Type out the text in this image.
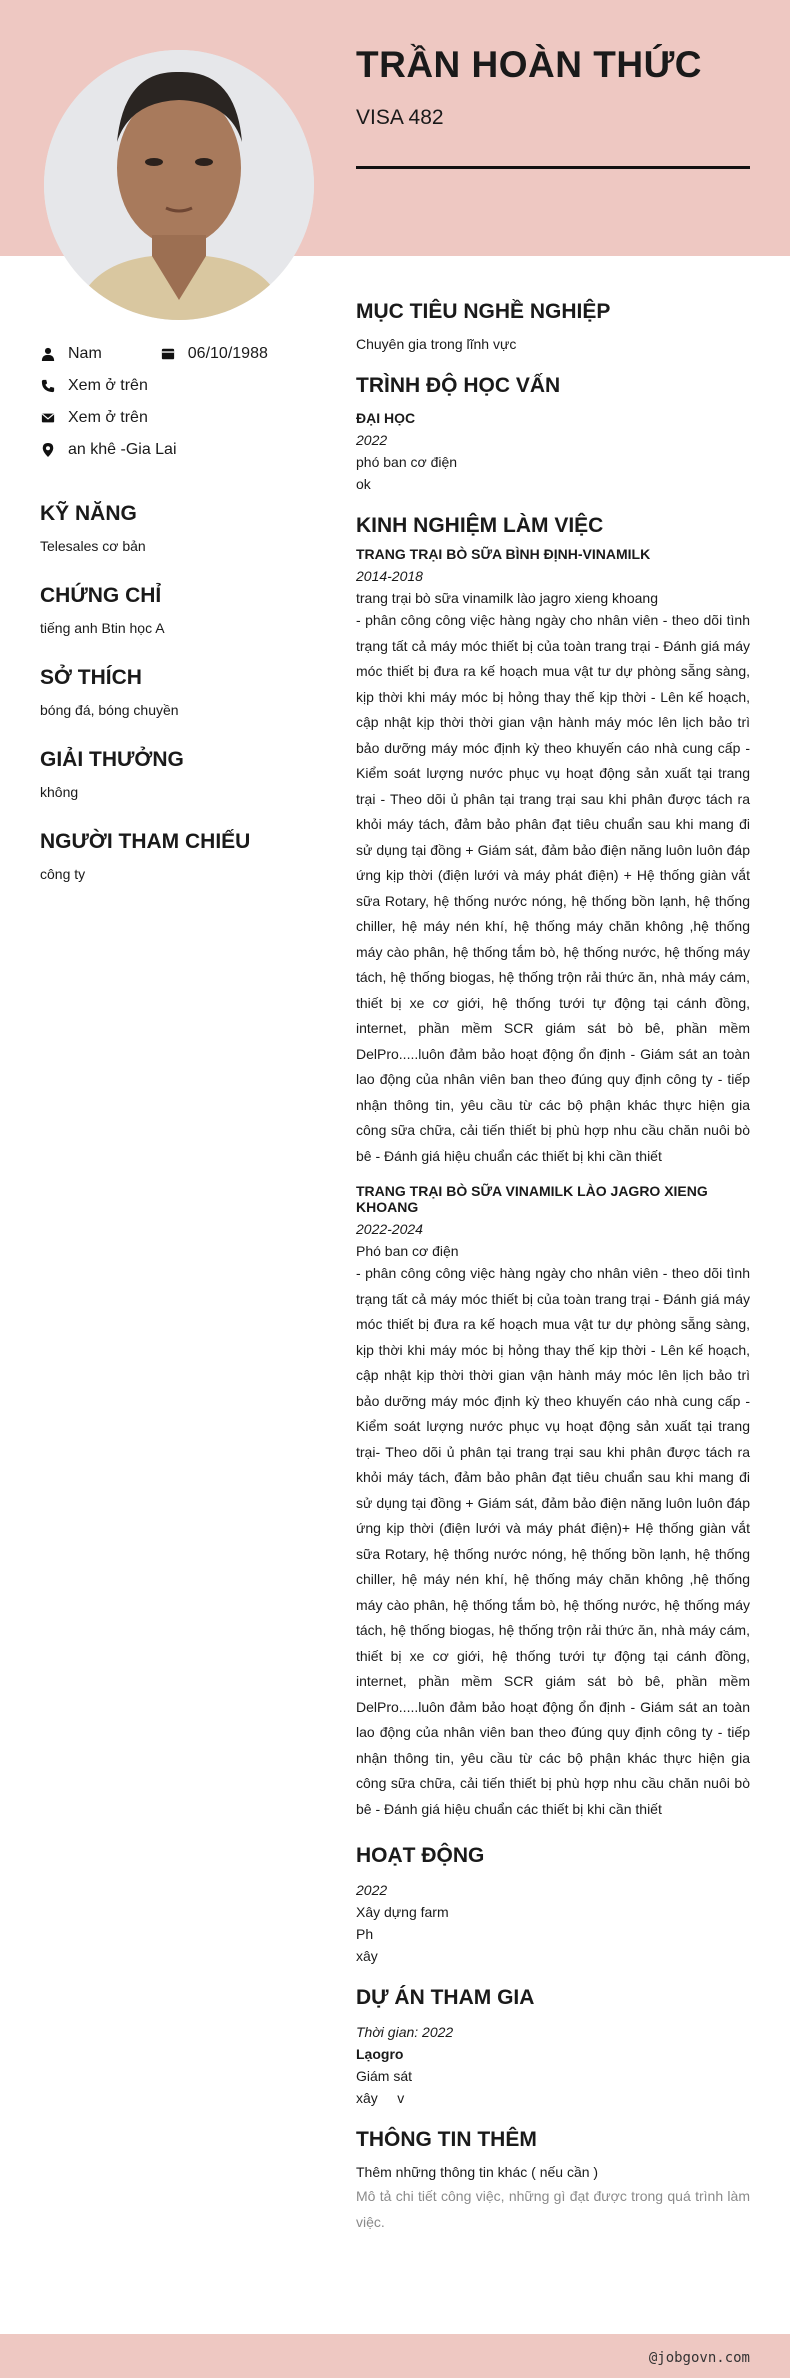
TRẦN HOÀN THỨC
VISA 482
Nam	06/10/1988
Xem ở trên
Xem ở trên
an khê -Gia Lai
KỸ NĂNG

Telesales cơ bản

CHỨNG CHỈ

tiếng anh Btin học A

SỞ THÍCH

bóng đá, bóng chuyền

GIẢI THƯỞNG

không

NGƯỜI THAM CHIẾU

công ty

MỤC TIÊU NGHỀ NGHIỆP

Chuyên gia trong lĩnh vực

TRÌNH ĐỘ HỌC VẤN

ĐẠI HỌC

2022

phó ban cơ điện

ok

KINH NGHIỆM LÀM VIỆC

TRANG TRẠI BÒ SỮA BÌNH ĐỊNH-VINAMILK

2014-2018

trang trại bò sữa vinamilk lào jagro xieng khoang

- phân công công việc hàng ngày cho nhân viên - theo dõi tình trạng tất cả máy móc thiết bị của toàn trang trại - Đánh giá máy móc thiết bị đưa ra kế hoạch mua vật tư dự phòng sẵng sàng, kịp thời khi máy móc bị hỏng thay thế kịp thời - Lên kế hoạch, cập nhật kịp thời thời gian vận hành máy móc lên lịch bảo trì bảo dưỡng máy móc định kỳ theo khuyến cáo nhà cung cấp - Kiểm soát lượng nước phục vụ hoạt động sản xuất tại trang trại - Theo dõi ủ phân tại trang trại sau khi phân được tách ra khỏi máy tách, đảm bảo phân đạt tiêu chuẩn sau khi mang đi sử dụng tại đồng + Giám sát, đảm bảo điện năng luôn luôn đáp ứng kịp thời (điện lưới và máy phát điện) + Hệ thống giàn vắt sữa Rotary, hệ thống nước nóng, hệ thống bồn lạnh, hệ thống chiller, hệ máy nén khí, hệ thống máy chăn không ,hệ thống máy cào phân, hệ thống tắm bò, hệ thống nước, hệ thống máy tách, hệ thống biogas, hệ thống trộn rải thức ăn, nhà máy cám, thiết bị xe cơ giới, hệ thống tưới tự động tại cánh đồng, internet, phần mềm SCR giám sát bò bê, phần mềm DelPro.....luôn đảm bảo hoạt động ổn định - Giám sát an toàn lao động của nhân viên ban theo đúng quy định công ty - tiếp nhận thông tin, yêu cầu từ các bộ phận khác thực hiện gia công sữa chữa, cải tiến thiết bị phù hợp nhu cầu chăn nuôi bò bê - Đánh giá hiệu chuẩn các thiết bị khi cần thiết

TRANG TRẠI BÒ SỮA VINAMILK LÀO JAGRO XIENG KHOANG

2022-2024

Phó ban cơ điện

- phân công công việc hàng ngày cho nhân viên - theo dõi tình trạng tất cả máy móc thiết bị của toàn trang trại - Đánh giá máy móc thiết bị đưa ra kế hoạch mua vật tư dự phòng sẵng sàng, kịp thời khi máy móc bị hỏng thay thế kịp thời - Lên kế hoạch, cập nhật kịp thời thời gian vận hành máy móc lên lịch bảo trì bảo dưỡng máy móc định kỳ theo khuyến cáo nhà cung cấp - Kiểm soát lượng nước phục vụ hoạt động sản xuất tại trang trại- Theo dõi ủ phân tại trang trại sau khi phân được tách ra khỏi máy tách, đảm bảo phân đạt tiêu chuẩn sau khi mang đi sử dụng tại đồng + Giám sát, đảm bảo điện năng luôn luôn đáp ứng kịp thời (điện lưới và máy phát điện)+ Hệ thống giàn vắt sữa Rotary, hệ thống nước nóng, hệ thống bồn lạnh, hệ thống chiller, hệ máy nén khí, hệ thống máy chăn không ,hệ thống máy cào phân, hệ thống tắm bò, hệ thống nước, hệ thống máy tách, hệ thống biogas, hệ thống trộn rải thức ăn, nhà máy cám, thiết bị xe cơ giới, hệ thống tưới tự động tại cánh đồng, internet, phần mềm SCR giám sát bò bê, phần mềm DelPro.....luôn đảm bảo hoạt động ổn định - Giám sát an toàn lao động của nhân viên ban theo đúng quy định công ty - tiếp nhận thông tin, yêu cầu từ các bộ phận khác thực hiện gia công sữa chữa, cải tiến thiết bị phù hợp nhu cầu chăn nuôi bò bê - Đánh giá hiệu chuẩn các thiết bị khi cần thiết

HOẠT ĐỘNG

2022

Xây dựng farm

Ph

xây

DỰ ÁN THAM GIA

Thời gian: 2022

Lạogro

Giám sát

xây     v

THÔNG TIN THÊM

Thêm những thông tin khác ( nếu cần )

Mô tả chi tiết công việc, những gì đạt được trong quá trình làm việc.

@jobgovn.com
